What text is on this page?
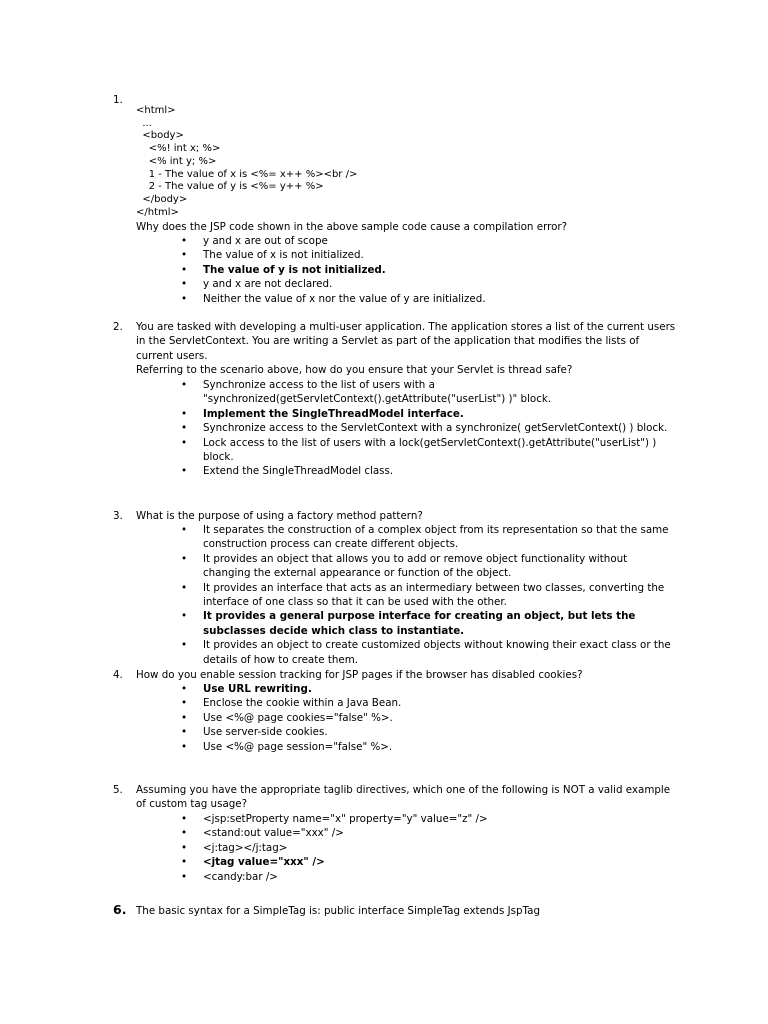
1.
<html>
...
<body>
<%! int x; %>
<% int y; %>
1 - The value of x is <%= x++ %><br />
2 - The value of y is <%= y++ %>
</body>
</html>
Why does the JSP code shown in the above sample code cause a compilation error?
• y and x are out of scope
• The value of x is not initialized.
• The value of y is not initialized.
• y and x are not declared.
• Neither the value of x nor the value of y are initialized.
2. You are tasked with developing a multi-user application. The application stores a list of the current users in the ServletContext. You are writing a Servlet as part of the application that modifies the lists of current users.
Referring to the scenario above, how do you ensure that your Servlet is thread safe?
• Synchronize access to the list of users with a "synchronized(getServletContext().getAttribute("userList") )" block.
• Implement the SingleThreadModel interface.
• Synchronize access to the ServletContext with a synchronize( getServletContext() ) block.
• Lock access to the list of users with a lock(getServletContext().getAttribute("userList") ) block.
• Extend the SingleThreadModel class.
3. What is the purpose of using a factory method pattern?
• It separates the construction of a complex object from its representation so that the same construction process can create different objects.
• It provides an object that allows you to add or remove object functionality without changing the external appearance or function of the object.
• It provides an interface that acts as an intermediary between two classes, converting the interface of one class so that it can be used with the other.
• It provides a general purpose interface for creating an object, but lets the subclasses decide which class to instantiate.
• It provides an object to create customized objects without knowing their exact class or the details of how to create them.
4. How do you enable session tracking for JSP pages if the browser has disabled cookies?
• Use URL rewriting.
• Enclose the cookie within a Java Bean.
• Use <%@ page cookies="false" %>.
• Use server-side cookies.
• Use <%@ page session="false" %>.
5. Assuming you have the appropriate taglib directives, which one of the following is NOT a valid example of custom tag usage?
• <jsp:setProperty name="x" property="y" value="z" />
• <stand:out value="xxx" />
• <j:tag></j:tag>
• <jtag value="xxx" />
• <candy:bar />
6. The basic syntax for a SimpleTag is: public interface SimpleTag extends JspTag
